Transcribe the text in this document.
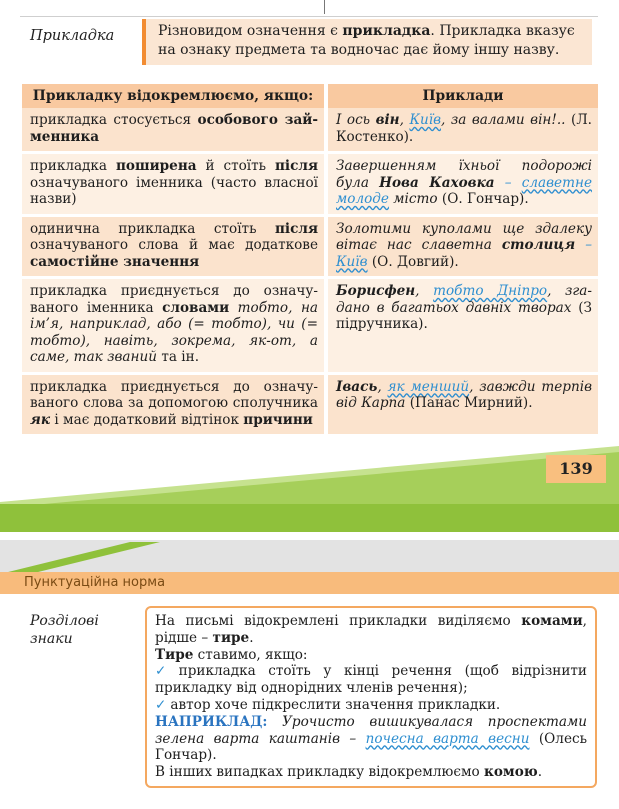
Прикладка	Різновидом означення є прикладка. Прикладка вказує на ознаку предмета та водночас дає йому іншу назву.
Прикладку відокремлюємо, якщо:	Приклади
прикладка стосується особового займенника	І ось він, Київ, за валами він!.. (Л. Костенко).
прикладка поширена й стоїть після означуваного іменника (часто власної назви)	Завершенням їхньої подорожі була Нова Каховка – славетне молоде місто (О. Гончар).
одинична прикладка стоїть після означуваного слова й має додаткове самостійне значення	Золотими куполами ще здалеку вітає нас славетна столиця – Київ (О. Довгий).
прикладка приєднується до означуваного іменника словами тобто, на ім’я, наприклад, або (= тобто), чи (= тобто), навіть, зокрема, як-от, а саме, так званий та ін.	Борисфен, тобто Дніпро, згадано в багатьох давніх творах (З підручника).
прикладка приєднується до означуваного слова за допомогою сполучника як і має додатковий відтінок причини	Івась, як менший, завжди терпів від Карпа (Панас Мирний).
139
Пунктуаційна норма
Розділові
знаки
На письмі відокремлені прикладки виділяємо комами, рідше – тире.
Тире ставимо, якщо:
✓ прикладка стоїть у кінці речення (щоб відрізнити прикладку від однорідних членів речення);
✓ автор хоче підкреслити значення прикладки.
НАПРИКЛАД: Урочисто вишикувалася проспектами зелена варта каштанів – почесна варта весни (Олесь Гончар).
В інших випадках прикладку відокремлюємо комою.
